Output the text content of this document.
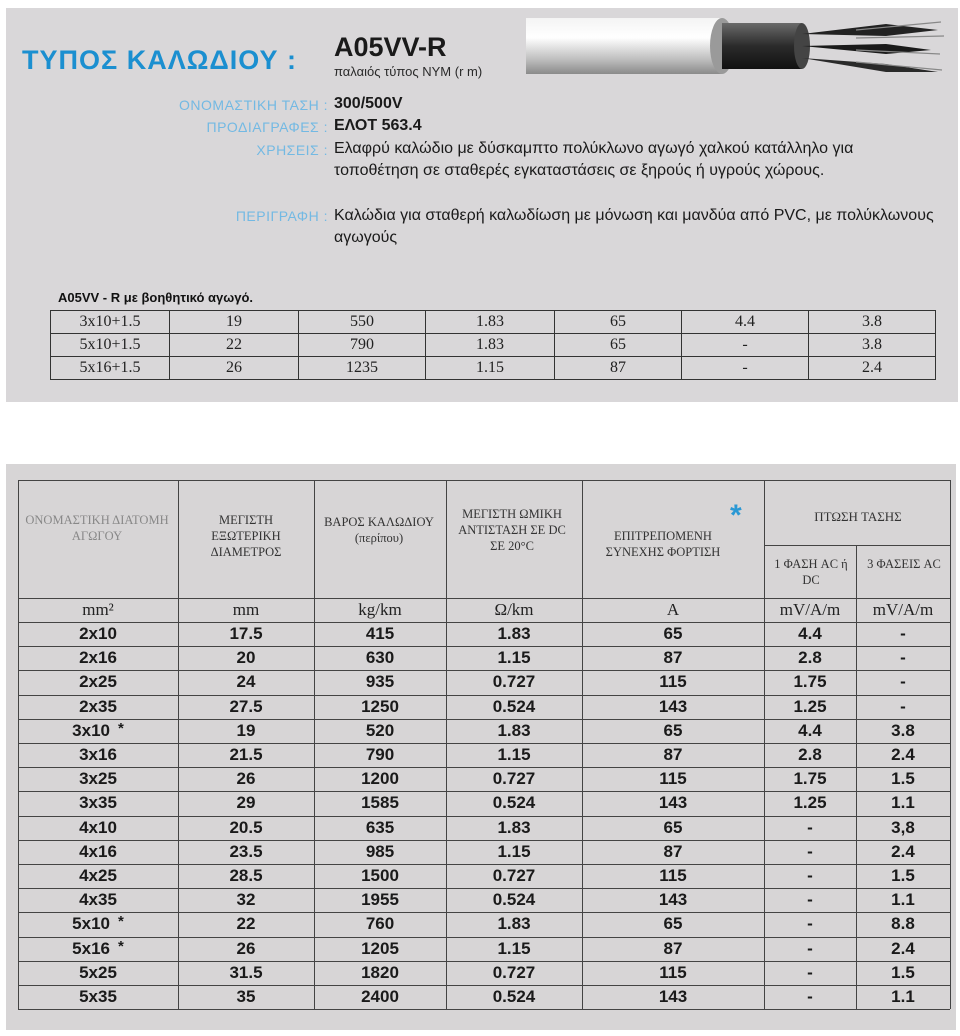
ΤΥΠΟΣ ΚΑΛΩΔΙΟΥ : A05VV-R
παλαιός τύπος NYM (r m)
ΟΝΟΜΑΣΤΙΚΗ ΤΑΣΗ : 300/500V
ΠΡΟΔΙΑΓΡΑΦΕΣ : ΕΛΟΤ 563.4
ΧΡΗΣΕΙΣ : Ελαφρύ καλώδιο με δύσκαμπτο πολύκλωνο αγωγό χαλκού κατάλληλο για τοποθέτηση σε σταθερές εγκαταστάσεις σε ξηρούς ή υγρούς χώρους.
ΠΕΡΙΓΡΑΦΗ : Καλώδια για σταθερή καλωδίωση με μόνωση και μανδύα από PVC, με πολύκλωνους αγωγούς
A05VV - R με βοηθητικό αγωγό.
3x10+1.5	19	550	1.83	65	4.4	3.8
5x10+1.5	22	790	1.83	65	-	3.8
5x16+1.5	26	1235	1.15	87	-	2.4
ΟΝΟΜΑΣΤΙΚΗ ΔΙΑΤΟΜΗ ΑΓΩΓΟΥ
ΜΕΓΙΣΤΗ ΕΞΩΤΕΡΙΚΗ ΔΙΑΜΕΤΡΟΣ
ΒΑΡΟΣ ΚΑΛΩΔΙΟΥ (περίπου)
ΜΕΓΙΣΤΗ ΩΜΙΚΗ ΑΝΤΙΣΤΑΣΗ ΣΕ DC ΣΕ 20°C
ΕΠΙΤΡΕΠΟΜΕΝΗ ΣΥΝΕΧΗΣ ΦΟΡΤΙΣΗ
*	ΠΤΩΣΗ ΤΑΣΗΣ
1 ΦΑΣΗ AC ή DC
3 ΦΑΣΕΙΣ AC
mm²	mm	kg/km	Ω/km	A	mV/A/m	mV/A/m
2x10	17.5	415	1.83	65	4.4	-
2x16	20	630	1.15	87	2.8	-
2x25	24	935	0.727	115	1.75	-
2x35	27.5	1250	0.524	143	1.25	-
3x10 *	19	520	1.83	65	4.4	3.8
3x16	21.5	790	1.15	87	2.8	2.4
3x25	26	1200	0.727	115	1.75	1.5
3x35	29	1585	0.524	143	1.25	1.1
4x10	20.5	635	1.83	65	-	3,8
4x16	23.5	985	1.15	87	-	2.4
4x25	28.5	1500	0.727	115	-	1.5
4x35	32	1955	0.524	143	-	1.1
5x10 *	22	760	1.83	65	-	8.8
5x16 *	26	1205	1.15	87	-	2.4
5x25	31.5	1820	0.727	115	-	1.5
5x35	35	2400	0.524	143	-	1.1
